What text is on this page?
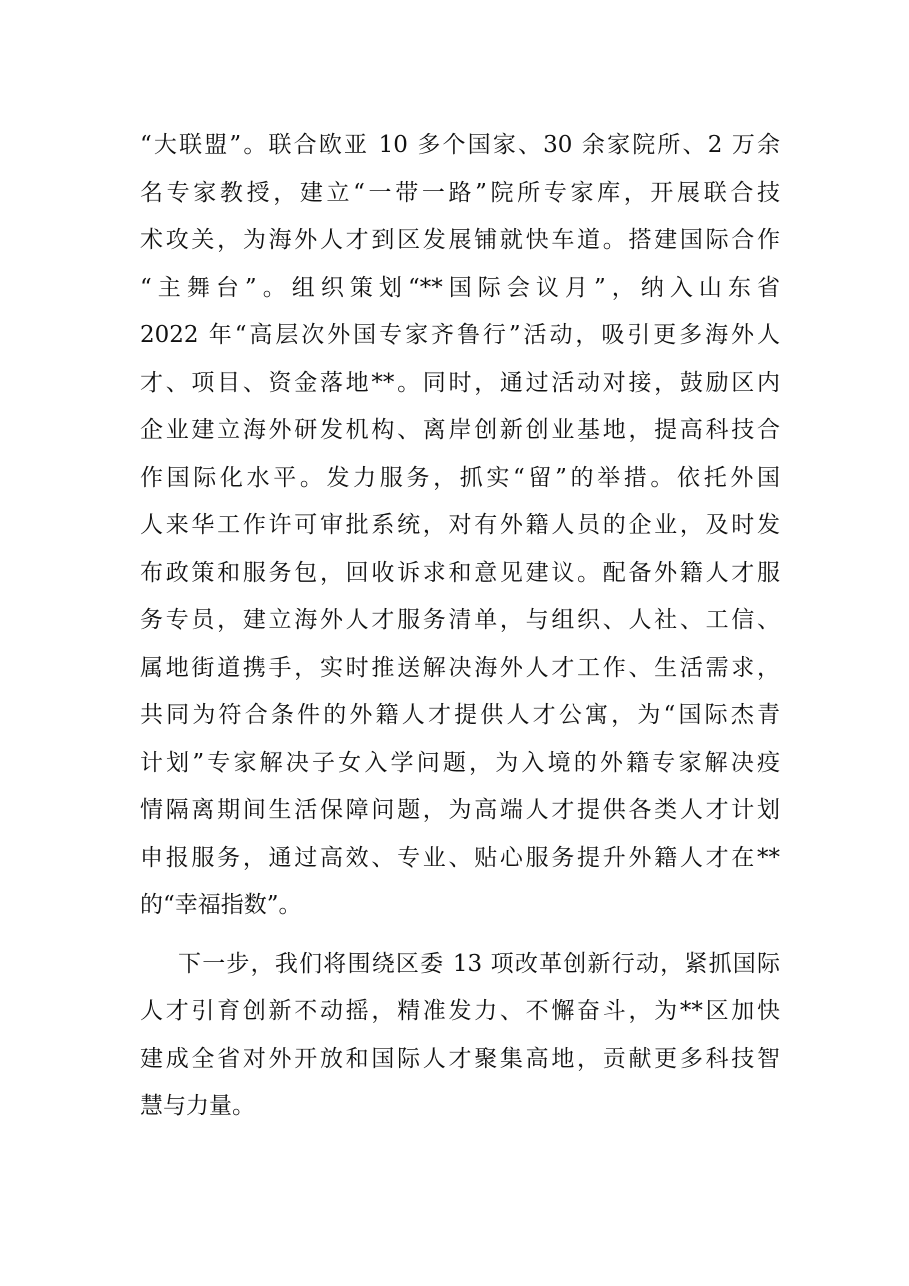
“大联盟”。联合欧亚 10 多个国家、30 余家院所、2 万余
名专家教授，建立“一带一路”院所专家库，开展联合技
术攻关，为海外人才到区发展铺就快车道。搭建国际合作
“主舞台”。组织策划“**国际会议月”，纳入山东省
2022 年“高层次外国专家齐鲁行”活动，吸引更多海外人
才、项目、资金落地**。同时，通过活动对接，鼓励区内
企业建立海外研发机构、离岸创新创业基地，提高科技合
作国际化水平。发力服务，抓实“留”的举措。依托外国
人来华工作许可审批系统，对有外籍人员的企业，及时发
布政策和服务包，回收诉求和意见建议。配备外籍人才服
务专员，建立海外人才服务清单，与组织、人社、工信、
属地街道携手，实时推送解决海外人才工作、生活需求，
共同为符合条件的外籍人才提供人才公寓，为“国际杰青
计划”专家解决子女入学问题，为入境的外籍专家解决疫
情隔离期间生活保障问题，为高端人才提供各类人才计划
申报服务，通过高效、专业、贴心服务提升外籍人才在**
的“幸福指数”。
下一步，我们将围绕区委 13 项改革创新行动，紧抓国际
人才引育创新不动摇，精准发力、不懈奋斗，为**区加快
建成全省对外开放和国际人才聚集高地，贡献更多科技智
慧与力量。
